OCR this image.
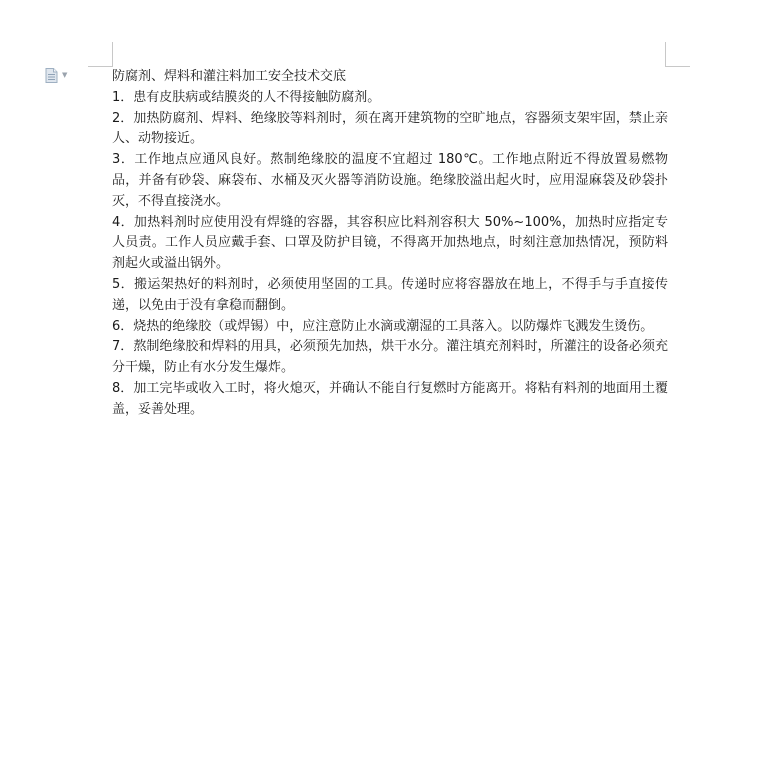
▼	防腐剂、焊料和灌注料加工安全技术交底

1．患有皮肤病或结膜炎的人不得接触防腐剂。

2．加热防腐剂、焊料、绝缘胶等料剂时，须在离开建筑物的空旷地点，容器须支架牢固，禁止亲人、动物接近。

3．工作地点应通风良好。熬制绝缘胶的温度不宜超过 180℃。工作地点附近不得放置易燃物品，并备有砂袋、麻袋布、水桶及灭火器等消防设施。绝缘胶溢出起火时，应用湿麻袋及砂袋扑灭，不得直接浇水。

4．加热料剂时应使用没有焊缝的容器，其容积应比料剂容积大 50%~100%，加热时应指定专人员责。工作人员应戴手套、口罩及防护目镜，不得离开加热地点，时刻注意加热情况，预防料剂起火或溢出锅外。

5．搬运架热好的料剂时，必须使用坚固的工具。传递时应将容器放在地上，不得手与手直接传递，以免由于没有拿稳而翻倒。

6．烧热的绝缘胶（或焊锡）中，应注意防止水滴或潮湿的工具落入。以防爆炸飞溅发生烫伤。

7．熬制绝缘胶和焊料的用具，必须预先加热，烘干水分。灌注填充剂料时，所灌注的设备必须充分干燥，防止有水分发生爆炸。

8．加工完毕或收入工时，将火熄灭，并确认不能自行复燃时方能离开。将粘有料剂的地面用土覆盖，妥善处理。
